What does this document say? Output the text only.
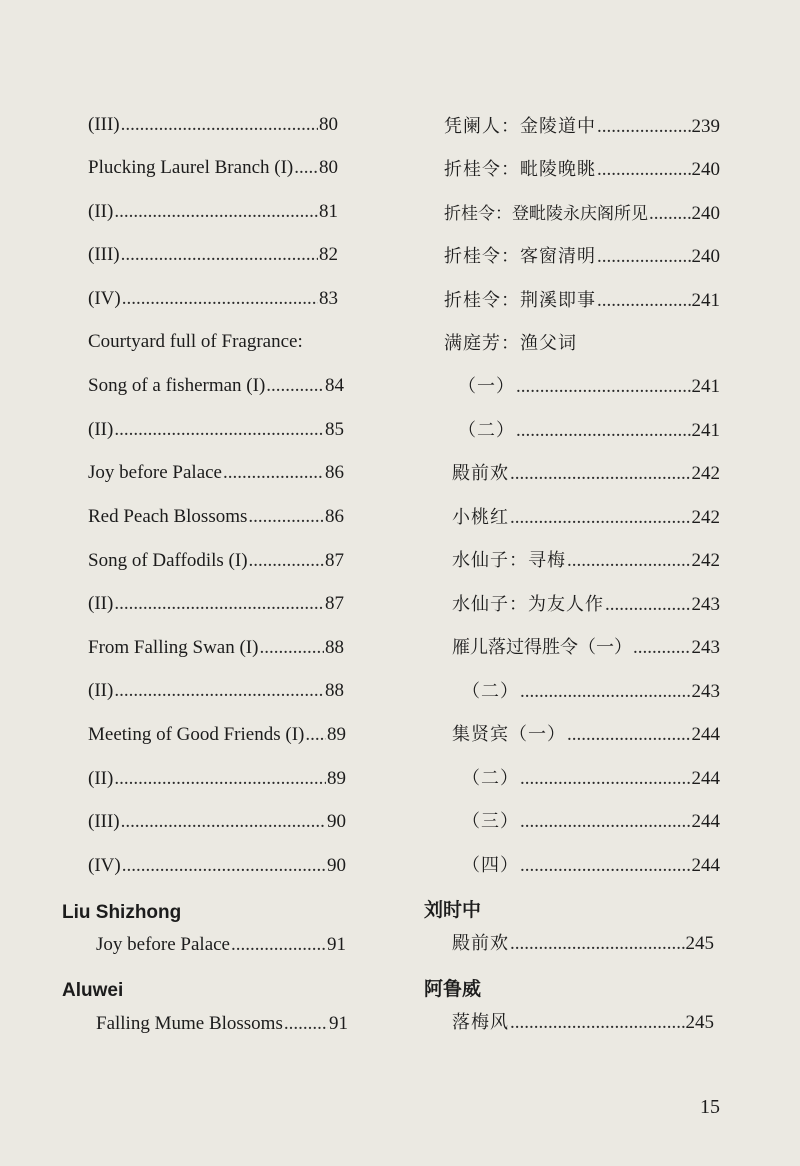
(III) .....	80
Plucking Laurel Branch (I) ..... 80
(II) .....	81
(III) .....	82
(IV) .....	83
Courtyard full of Fragrance:
Song of a fisherman (I) .....	84
(II) .....	85
Joy before Palace .....	86
Red Peach Blossoms .....	86
Song of Daffodils (I) .....	87
(II) .....	87
From Falling Swan (I) .....	88
(II) .....	88
Meeting of Good Friends (I) ..... 89
(II) .....	89
(III) .....	90
(IV) .....	90
Liu Shizhong
Joy before Palace .....	91
Aluwei
Falling Mume Blossoms ..... 91
凭阑人：金陵道中 .....	239
折桂令：毗陵晚眺 .....	240
折桂令：登毗陵永庆阁所见 ..... 240
折桂令：客窗清明 .....	240
折桂令：荆溪即事 .....	241
满庭芳：渔父词
（一） .....	241
（二） .....	241
殿前欢 .....	242
小桃红 .....	242
水仙子：寻梅 .....	242
水仙子：为友人作 .....	243
雁儿落过得胜令（一） .....	243
（二） .....	243
集贤宾（一） .....	244
（二） .....	244
（三） .....	244
（四） .....	244
刘时中
殿前欢 .....	245
阿鲁威
落梅风 .....	245
15
